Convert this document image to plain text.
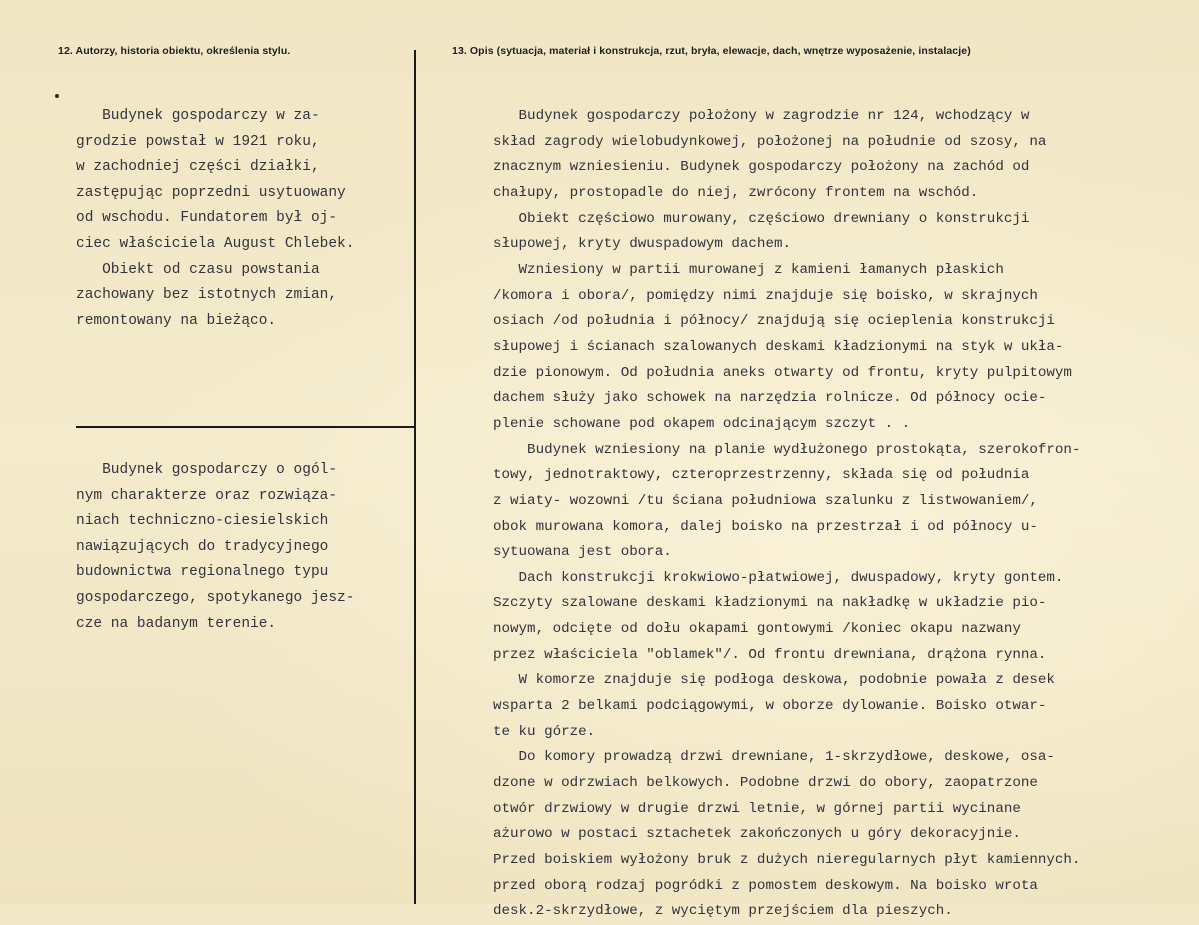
12. Autorzy, historia obiektu, określenia stylu.	13. Opis (sytuacja, materiał i konstrukcja, rzut, bryła, elewacje, dach, wnętrze wyposażenie, instalacje)
Budynek gospodarczy w za-
grodzie powstał w 1921 roku,
w zachodniej części działki,
zastępując poprzedni usytuowany
od wschodu. Fundatorem był oj-
ciec właściciela August Chlebek.
Obiekt od czasu powstania
zachowany bez istotnych zmian,
remontowany na bieżąco.
Budynek gospodarczy o ogól-
nym charakterze oraz rozwiąza-
niach techniczno-ciesielskich
nawiązujących do tradycyjnego
budownictwa regionalnego typu
gospodarczego, spotykanego jesz-
cze na badanym terenie.
Budynek gospodarczy położony w zagrodzie nr 124, wchodzący w
skład zagrody wielobudynkowej, położonej na południe od szosy, na
znacznym wzniesieniu. Budynek gospodarczy położony na zachód od
chałupy, prostopadle do niej, zwrócony frontem na wschód.
Obiekt częściowo murowany, częściowo drewniany o konstrukcji
słupowej, kryty dwuspadowym dachem.
Wzniesiony w partii murowanej z kamieni łamanych płaskich
/komora i obora/, pomiędzy nimi znajduje się boisko, w skrajnych
osiach /od południa i północy/ znajdują się ocieplenia konstrukcji
słupowej i ścianach szalowanych deskami kładzionymi na styk w ukła-
dzie pionowym. Od południa aneks otwarty od frontu, kryty pulpitowym
dachem służy jako schowek na narzędzia rolnicze. Od północy ocie-
plenie schowane pod okapem odcinającym szczyt . .
Budynek wzniesiony na planie wydłużonego prostokąta, szerokofron-
towy, jednotraktowy, czteroprzestrzenny, składa się od południa
z wiaty- wozowni /tu ściana południowa szalunku z listwowaniem/,
obok murowana komora, dalej boisko na przestrzał i od północy u-
sytuowana jest obora.
Dach konstrukcji krokwiowo-płatwiowej, dwuspadowy, kryty gontem.
Szczyty szalowane deskami kładzionymi na nakładkę w układzie pio-
nowym, odcięte od dołu okapami gontowymi /koniec okapu nazwany
przez właściciela "oblamek"/. Od frontu drewniana, drążona rynna.
W komorze znajduje się podłoga deskowa, podobnie powała z desek
wsparta 2 belkami podciągowymi, w oborze dylowanie. Boisko otwar-
te ku górze.
Do komory prowadzą drzwi drewniane, 1-skrzydłowe, deskowe, osa-
dzone w odrzwiach belkowych. Podobne drzwi do obory, zaopatrzone
otwór drzwiowy w drugie drzwi letnie, w górnej partii wycinane
ażurowo w postaci sztachetek zakończonych u góry dekoracyjnie.
Przed boiskiem wyłożony bruk z dużych nieregularnych płyt kamiennych.
przed oborą rodzaj pogródki z pomostem deskowym. Na boisko wrota
desk.2-skrzydłowe, z wyciętym przejściem dla pieszych.
